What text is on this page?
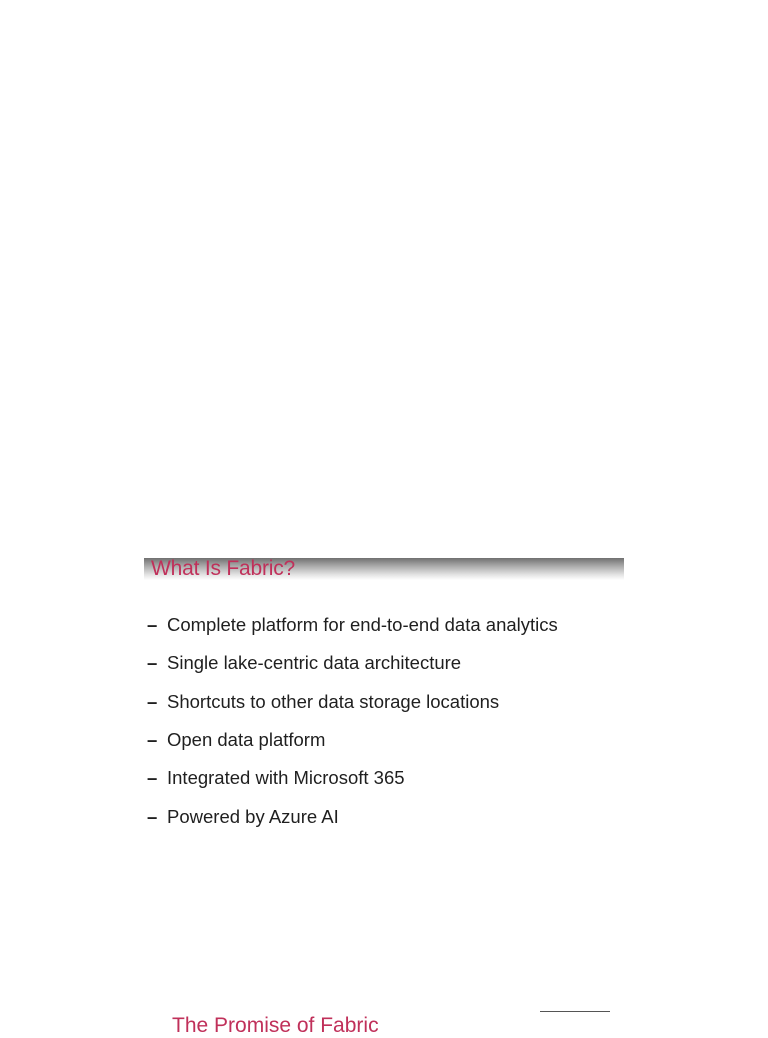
What Is Fabric?
– Complete platform for end-to-end data analytics
– Single lake-centric data architecture
– Shortcuts to other data storage locations
– Open data platform
– Integrated with Microsoft 365
– Powered by Azure AI
The Promise of Fabric
